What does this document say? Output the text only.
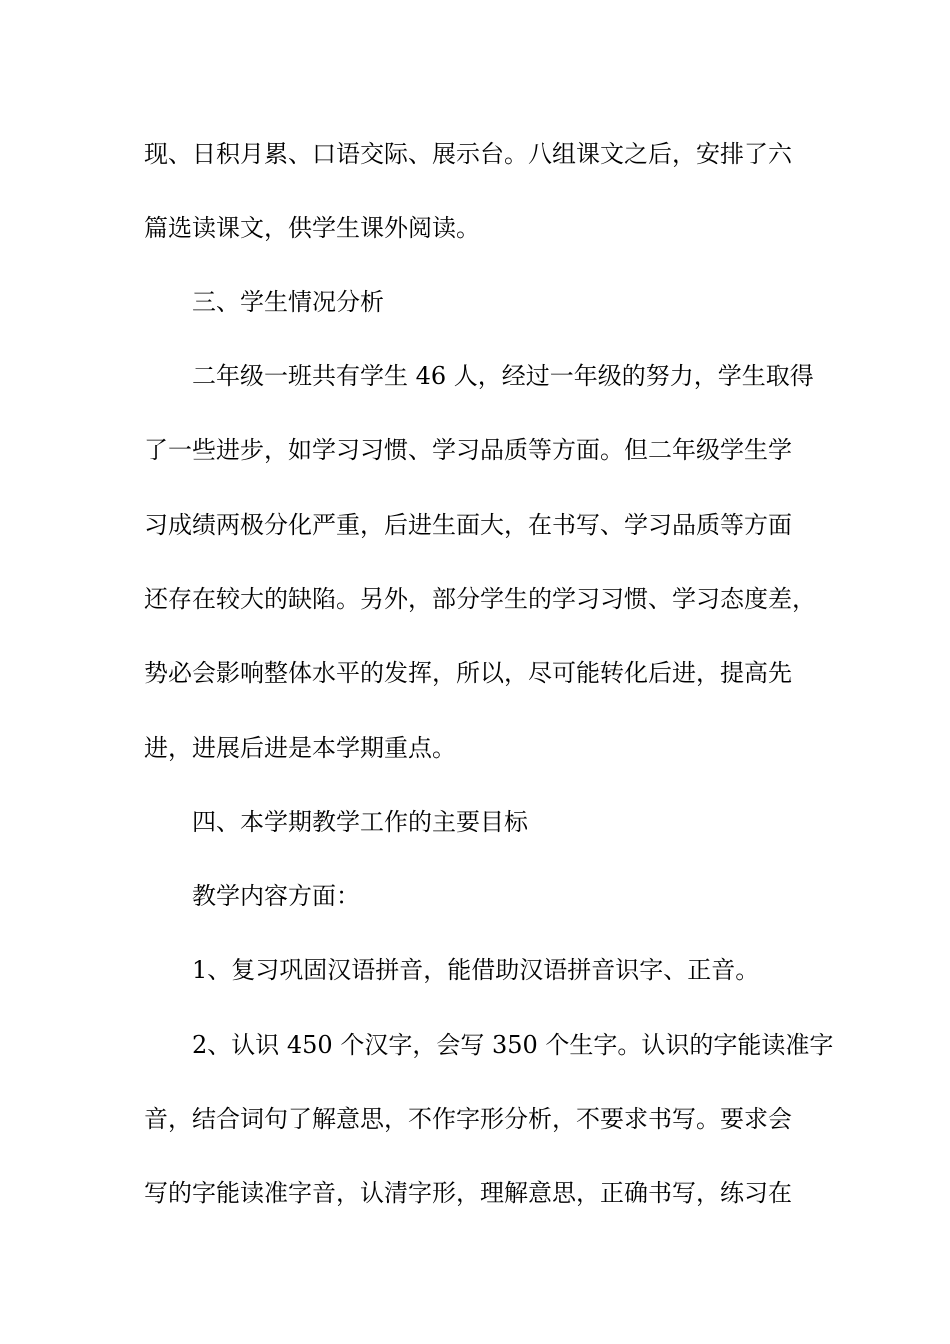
现、日积月累、口语交际、展示台。八组课文之后，安排了六
篇选读课文，供学生课外阅读。
三、学生情况分析
二年级一班共有学生 46 人，经过一年级的努力，学生取得
了一些进步，如学习习惯、学习品质等方面。但二年级学生学
习成绩两极分化严重，后进生面大，在书写、学习品质等方面
还存在较大的缺陷。另外，部分学生的学习习惯、学习态度差，
势必会影响整体水平的发挥，所以，尽可能转化后进，提高先
进，进展后进是本学期重点。
四、本学期教学工作的主要目标
教学内容方面：
1、复习巩固汉语拼音，能借助汉语拼音识字、正音。
2、认识 450 个汉字，会写 350 个生字。认识的字能读准字
音，结合词句了解意思，不作字形分析，不要求书写。要求会
写的字能读准字音，认清字形，理解意思，正确书写，练习在
